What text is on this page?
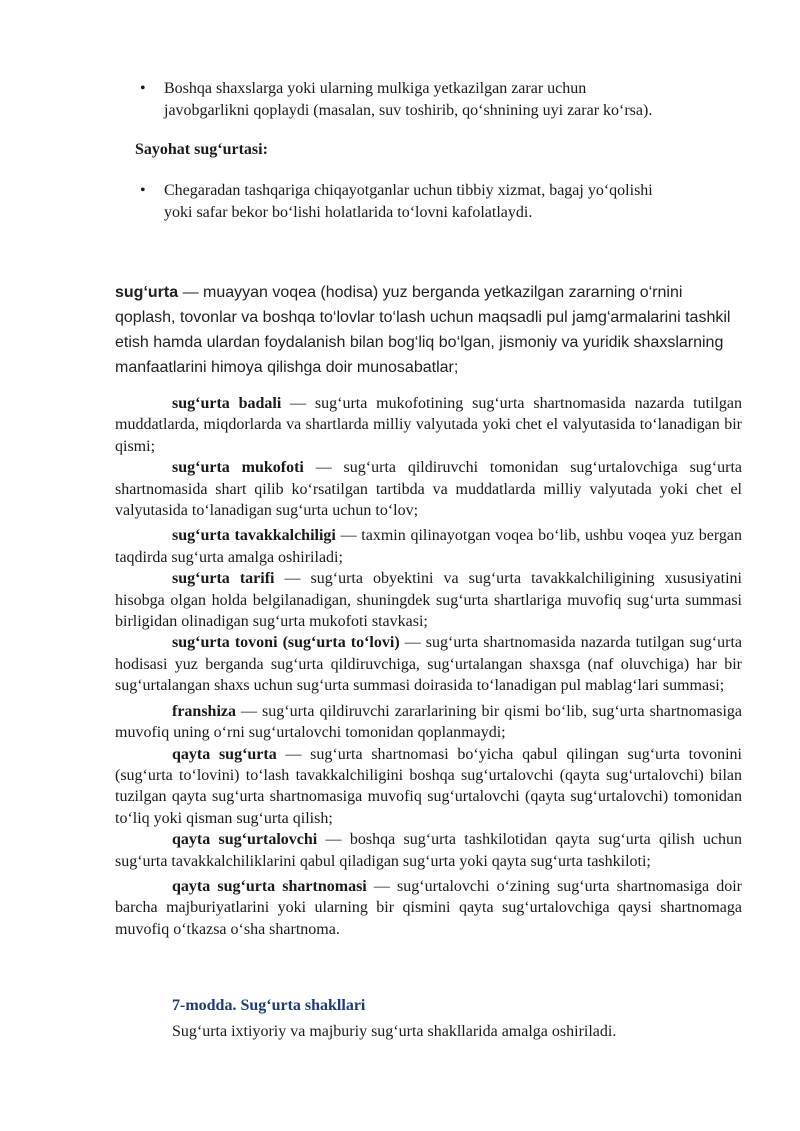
•	Boshqa shaxslarga yoki ularning mulkiga yetkazilgan zarar uchun
javobgarlikni qoplaydi (masalan, suv toshirib, qo‘shnining uyi zarar ko‘rsa).
Sayohat sug‘urtasi:
•	Chegaradan tashqariga chiqayotganlar uchun tibbiy xizmat, bagaj yo‘qolishi
yoki safar bekor bo‘lishi holatlarida to‘lovni kafolatlaydi.
sug‘urta — muayyan voqea (hodisa) yuz berganda yetkazilgan zararning o‘rnini qoplash, tovonlar va boshqa to‘lovlar to‘lash uchun maqsadli pul jamg‘armalarini tashkil etish hamda ulardan foydalanish bilan bog‘liq bo‘lgan, jismoniy va yuridik shaxslarning manfaatlarini himoya qilishga doir munosabatlar;

sug‘urta badali — sug‘urta mukofotining sug‘urta shartnomasida nazarda tutilgan muddatlarda, miqdorlarda va shartlarda milliy valyutada yoki chet el valyutasida to‘lanadigan bir qismi;

sug‘urta mukofoti — sug‘urta qildiruvchi tomonidan sug‘urtalovchiga sug‘urta shartnomasida shart qilib ko‘rsatilgan tartibda va muddatlarda milliy valyutada yoki chet el valyutasida to‘lanadigan sug‘urta uchun to‘lov;

sug‘urta tavakkalchiligi — taxmin qilinayotgan voqea bo‘lib, ushbu voqea yuz bergan taqdirda sug‘urta amalga oshiriladi;

sug‘urta tarifi — sug‘urta obyektini va sug‘urta tavakkalchiligining xususiyatini hisobga olgan holda belgilanadigan, shuningdek sug‘urta shartlariga muvofiq sug‘urta summasi birligidan olinadigan sug‘urta mukofoti stavkasi;

sug‘urta tovoni (sug‘urta to‘lovi) — sug‘urta shartnomasida nazarda tutilgan sug‘urta hodisasi yuz berganda sug‘urta qildiruvchiga, sug‘urtalangan shaxsga (naf oluvchiga) har bir sug‘urtalangan shaxs uchun sug‘urta summasi doirasida to‘lanadigan pul mablag‘lari summasi;

franshiza — sug‘urta qildiruvchi zararlarining bir qismi bo‘lib, sug‘urta shartnomasiga muvofiq uning o‘rni sug‘urtalovchi tomonidan qoplanmaydi;

qayta sug‘urta — sug‘urta shartnomasi bo‘yicha qabul qilingan sug‘urta tovonini (sug‘urta to‘lovini) to‘lash tavakkalchiligini boshqa sug‘urtalovchi (qayta sug‘urtalovchi) bilan tuzilgan qayta sug‘urta shartnomasiga muvofiq sug‘urtalovchi (qayta sug‘urtalovchi) tomonidan to‘liq yoki qisman sug‘urta qilish;

qayta sug‘urtalovchi — boshqa sug‘urta tashkilotidan qayta sug‘urta qilish uchun sug‘urta tavakkalchiliklarini qabul qiladigan sug‘urta yoki qayta sug‘urta tashkiloti;

qayta sug‘urta shartnomasi — sug‘urtalovchi o‘zining sug‘urta shartnomasiga doir barcha majburiyatlarini yoki ularning bir qismini qayta sug‘urtalovchiga qaysi shartnomaga muvofiq o‘tkazsa o‘sha shartnoma.

7-modda. Sug‘urta shakllari
Sug‘urta ixtiyoriy va majburiy sug‘urta shakllarida amalga oshiriladi.
